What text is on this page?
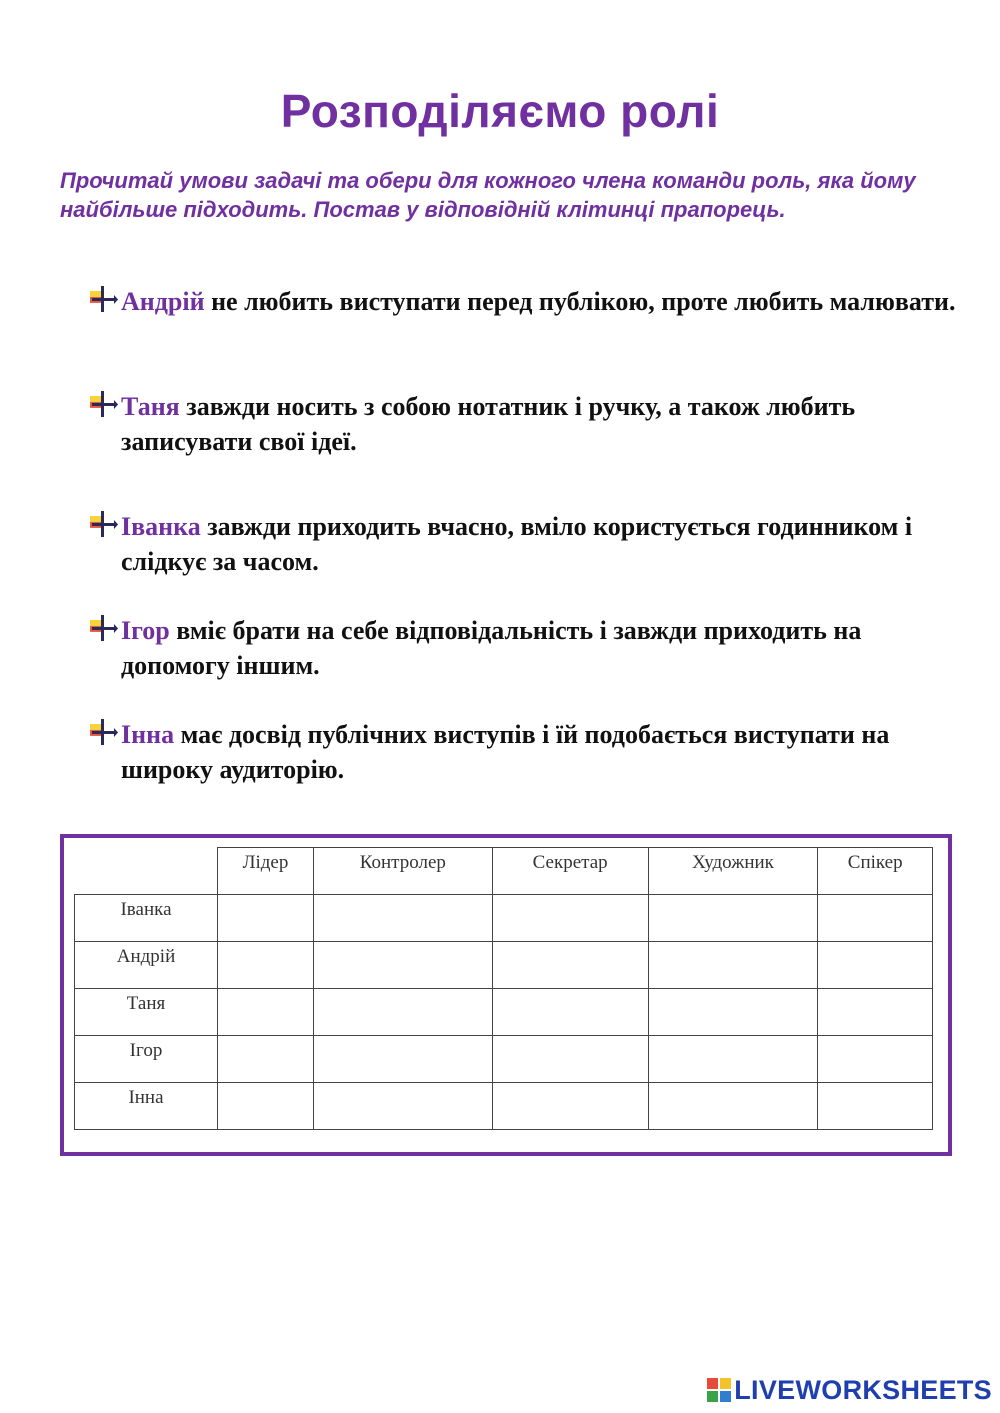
Розподіляємо ролі
Прочитай умови задачі та обери для кожного члена команди роль, яка йому найбільше підходить. Постав у відповідній клітинці прапорець.
Андрій не любить виступати перед публікою, проте любить малювати.
Таня завжди носить з собою нотатник і ручку, а також любить записувати свої ідеї.
Іванка завжди приходить вчасно, вміло користується годинником і слідкує за часом.
Ігор вміє брати на себе відповідальність і завжди приходить на допомогу іншим.
Інна має досвід публічних виступів і їй подобається виступати на широку аудиторію.
	Лідер	Контролер	Секретар	Художник	Спікер
Іванка					
Андрій					
Таня					
Ігор					
Інна					
LIVEWORKSHEETS
